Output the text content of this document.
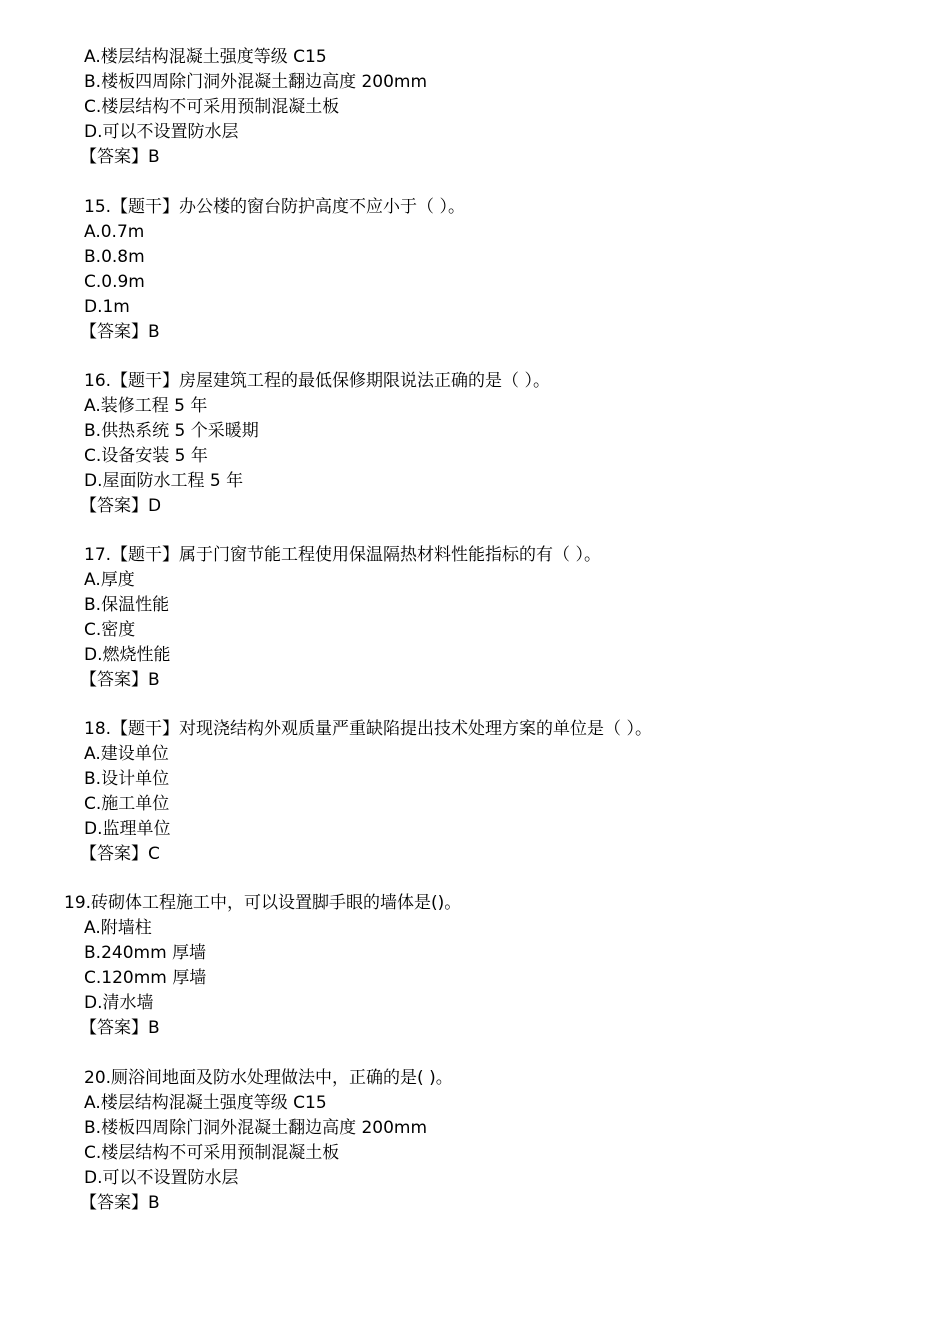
A.楼层结构混凝土强度等级 C15
B.楼板四周除门洞外混凝土翻边高度 200mm
C.楼层结构不可采用预制混凝土板
D.可以不设置防水层
【答案】B
15.【题干】办公楼的窗台防护高度不应小于（ ）。
A.0.7m
B.0.8m
C.0.9m
D.1m
【答案】B
16.【题干】房屋建筑工程的最低保修期限说法正确的是（ ）。
A.装修工程 5 年
B.供热系统 5 个采暖期
C.设备安装 5 年
D.屋面防水工程 5 年
【答案】D
17.【题干】属于门窗节能工程使用保温隔热材料性能指标的有（ ）。
A.厚度
B.保温性能
C.密度
D.燃烧性能
【答案】B
18.【题干】对现浇结构外观质量严重缺陷提出技术处理方案的单位是（ ）。
A.建设单位
B.设计单位
C.施工单位
D.监理单位
【答案】C
19.砖砌体工程施工中，可以设置脚手眼的墙体是()。
A.附墙柱
B.240mm 厚墙
C.120mm 厚墙
D.清水墙
【答案】B
20.厕浴间地面及防水处理做法中，正确的是( )。
A.楼层结构混凝土强度等级 C15
B.楼板四周除门洞外混凝土翻边高度 200mm
C.楼层结构不可采用预制混凝土板
D.可以不设置防水层
【答案】B
